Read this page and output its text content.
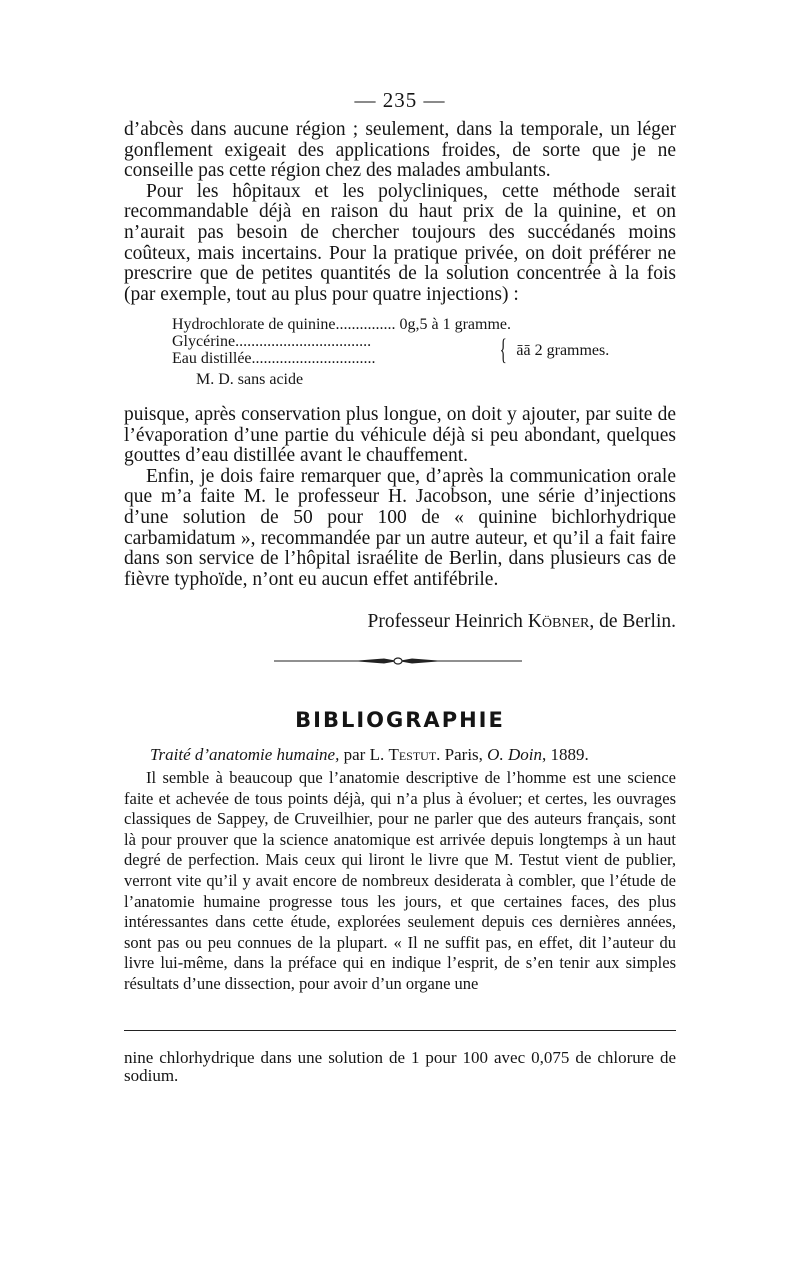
— 235 —

d’abcès dans aucune région ; seulement, dans la temporale, un léger gonflement exigeait des applications froides, de sorte que je ne conseille pas cette région chez des malades ambulants.

Pour les hôpitaux et les polycliniques, cette méthode serait recommandable déjà en raison du haut prix de la quinine, et on n’aurait pas besoin de chercher toujours des succédanés moins coûteux, mais incertains. Pour la pratique privée, on doit préférer ne prescrire que de petites quantités de la solution concentrée à la fois (par exemple, tout au plus pour quatre injections) :

Hydrochlorate de quinine............... 0g,5 à 1 gramme.
Glycérine..................................
Eau distillée...............................	{ āā 2 grammes.
M. D. sans acide

puisque, après conservation plus longue, on doit y ajouter, par suite de l’évaporation d’une partie du véhicule déjà si peu abondant, quelques gouttes d’eau distillée avant le chauffement.

Enfin, je dois faire remarquer que, d’après la communication orale que m’a faite M. le professeur H. Jacobson, une série d’injections d’une solution de 50 pour 100 de « quinine bichlorhydrique carbamidatum », recommandée par un autre auteur, et qu’il a fait faire dans son service de l’hôpital israélite de Berlin, dans plusieurs cas de fièvre typhoïde, n’ont eu aucun effet antifébrile.

Professeur Heinrich Köbner, de Berlin.
BIBLIOGRAPHIE
Traité d’anatomie humaine, par L. Testut. Paris, O. Doin, 1889.

Il semble à beaucoup que l’anatomie descriptive de l’homme est une science faite et achevée de tous points déjà, qui n’a plus à évoluer; et certes, les ouvrages classiques de Sappey, de Cruveilhier, pour ne parler que des auteurs français, sont là pour prouver que la science anatomique est arrivée depuis longtemps à un haut degré de perfection. Mais ceux qui liront le livre que M. Testut vient de publier, verront vite qu’il y avait encore de nombreux desiderata à combler, que l’étude de l’anatomie humaine progresse tous les jours, et que certaines faces, des plus intéressantes dans cette étude, explorées seulement depuis ces dernières années, sont pas ou peu connues de la plupart. « Il ne suffit pas, en effet, dit l’auteur du livre lui-même, dans la préface qui en indique l’esprit, de s’en tenir aux simples résultats d’une dissection, pour avoir d’un organe une

nine chlorhydrique dans une solution de 1 pour 100 avec 0,075 de chlorure de sodium.
